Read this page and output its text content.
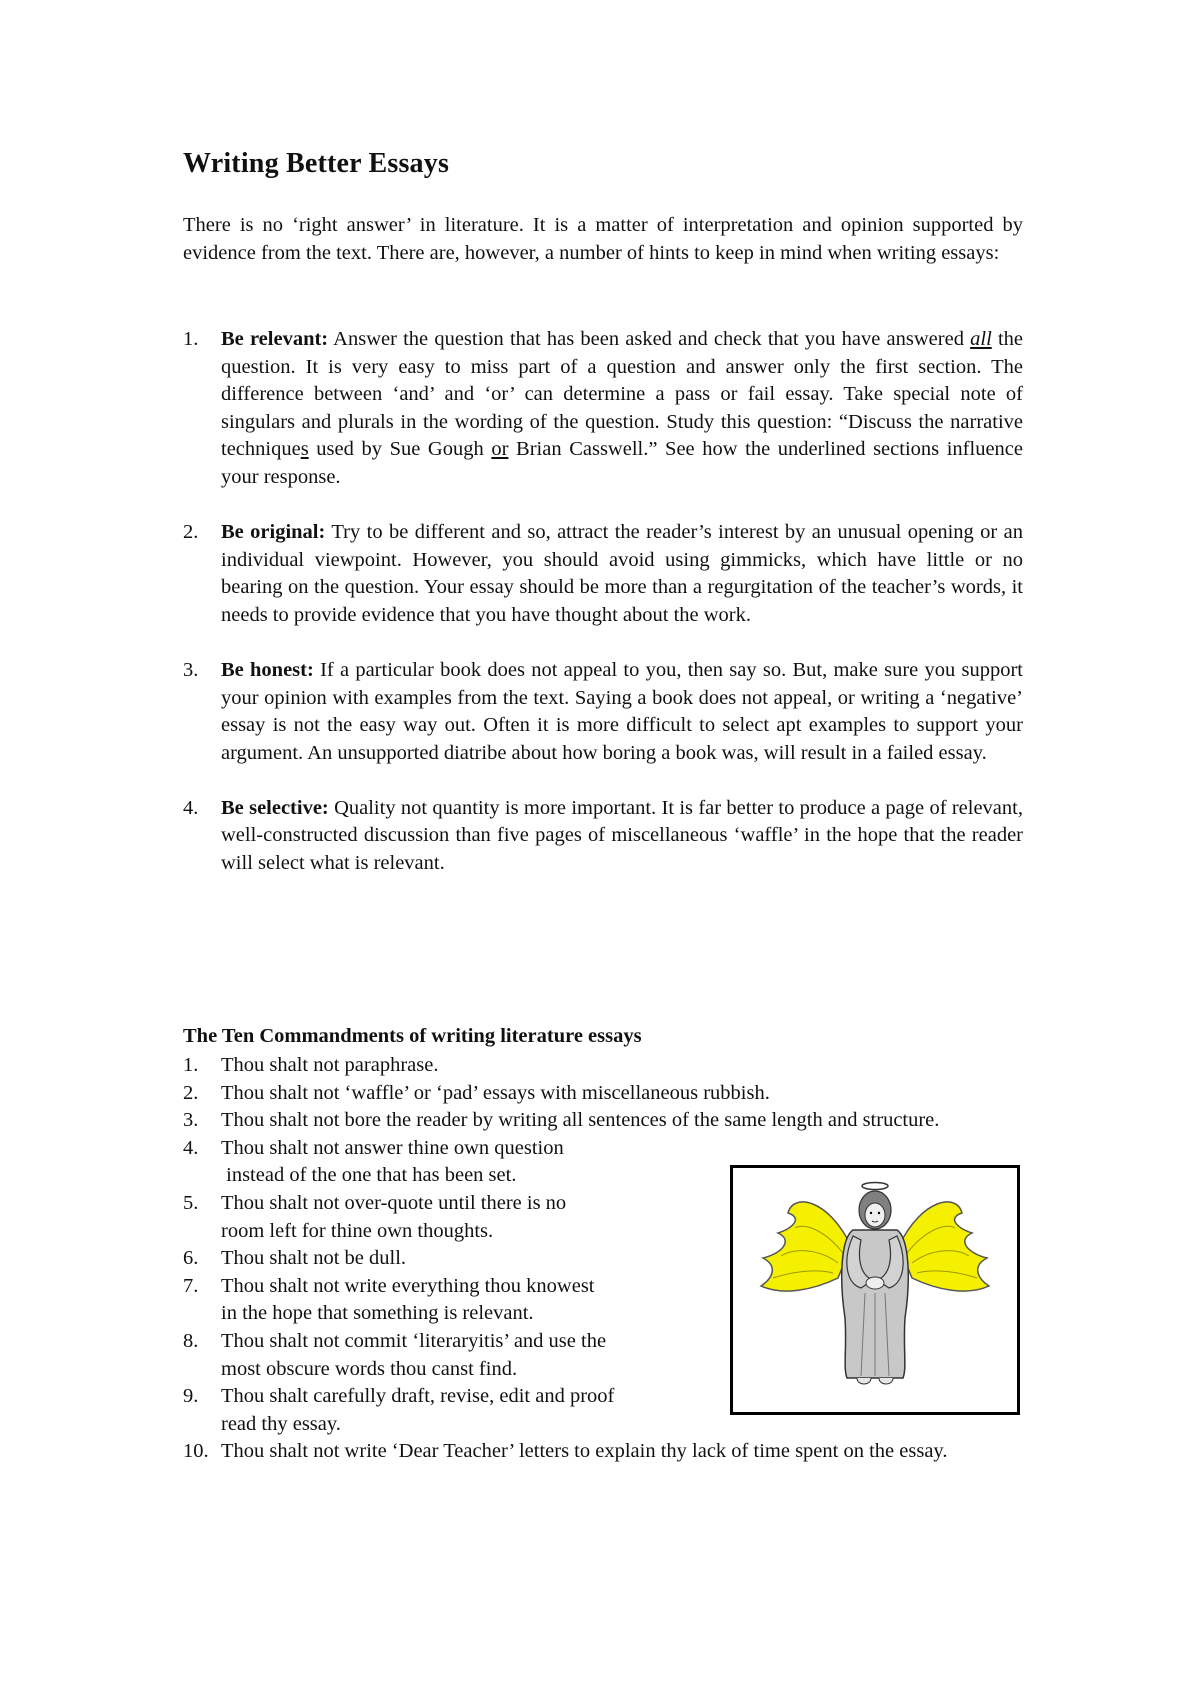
Writing Better Essays

There is no ‘right answer’ in literature. It is a matter of interpretation and opinion supported by evidence from the text. There are, however, a number of hints to keep in mind when writing essays:

1. Be relevant: Answer the question that has been asked and check that you have answered all the question. It is very easy to miss part of a question and answer only the first section. The difference between ‘and’ and ‘or’ can determine a pass or fail essay. Take special note of singulars and plurals in the wording of the question. Study this question: “Discuss the narrative techniques used by Sue Gough or Brian Casswell.” See how the underlined sections influence your response.
2. Be original: Try to be different and so, attract the reader’s interest by an unusual opening or an individual viewpoint. However, you should avoid using gimmicks, which have little or no bearing on the question. Your essay should be more than a regurgitation of the teacher’s words, it needs to provide evidence that you have thought about the work.
3. Be honest: If a particular book does not appeal to you, then say so. But, make sure you support your opinion with examples from the text. Saying a book does not appeal, or writing a ‘negative’ essay is not the easy way out. Often it is more difficult to select apt examples to support your argument. An unsupported diatribe about how boring a book was, will result in a failed essay.
4. Be selective: Quality not quantity is more important. It is far better to produce a page of relevant, well-constructed discussion than five pages of miscellaneous ‘waffle’ in the hope that the reader will select what is relevant.
The Ten Commandments of writing literature essays
1. Thou shalt not paraphrase.
2. Thou shalt not ‘waffle’ or ‘pad’ essays with miscellaneous rubbish.
3. Thou shalt not bore the reader by writing all sentences of the same length and structure.
4. Thou shalt not answer thine own question
instead of the one that has been set.
5. Thou shalt not over-quote until there is no
room left for thine own thoughts.
6. Thou shalt not be dull.
7. Thou shalt not write everything thou knowest
in the hope that something is relevant.
8. Thou shalt not commit ‘literaryitis’ and use the
most obscure words thou canst find.
9. Thou shalt carefully draft, revise, edit and proof
read thy essay.
10. Thou shalt not write ‘Dear Teacher’ letters to explain thy lack of time spent on the essay.
